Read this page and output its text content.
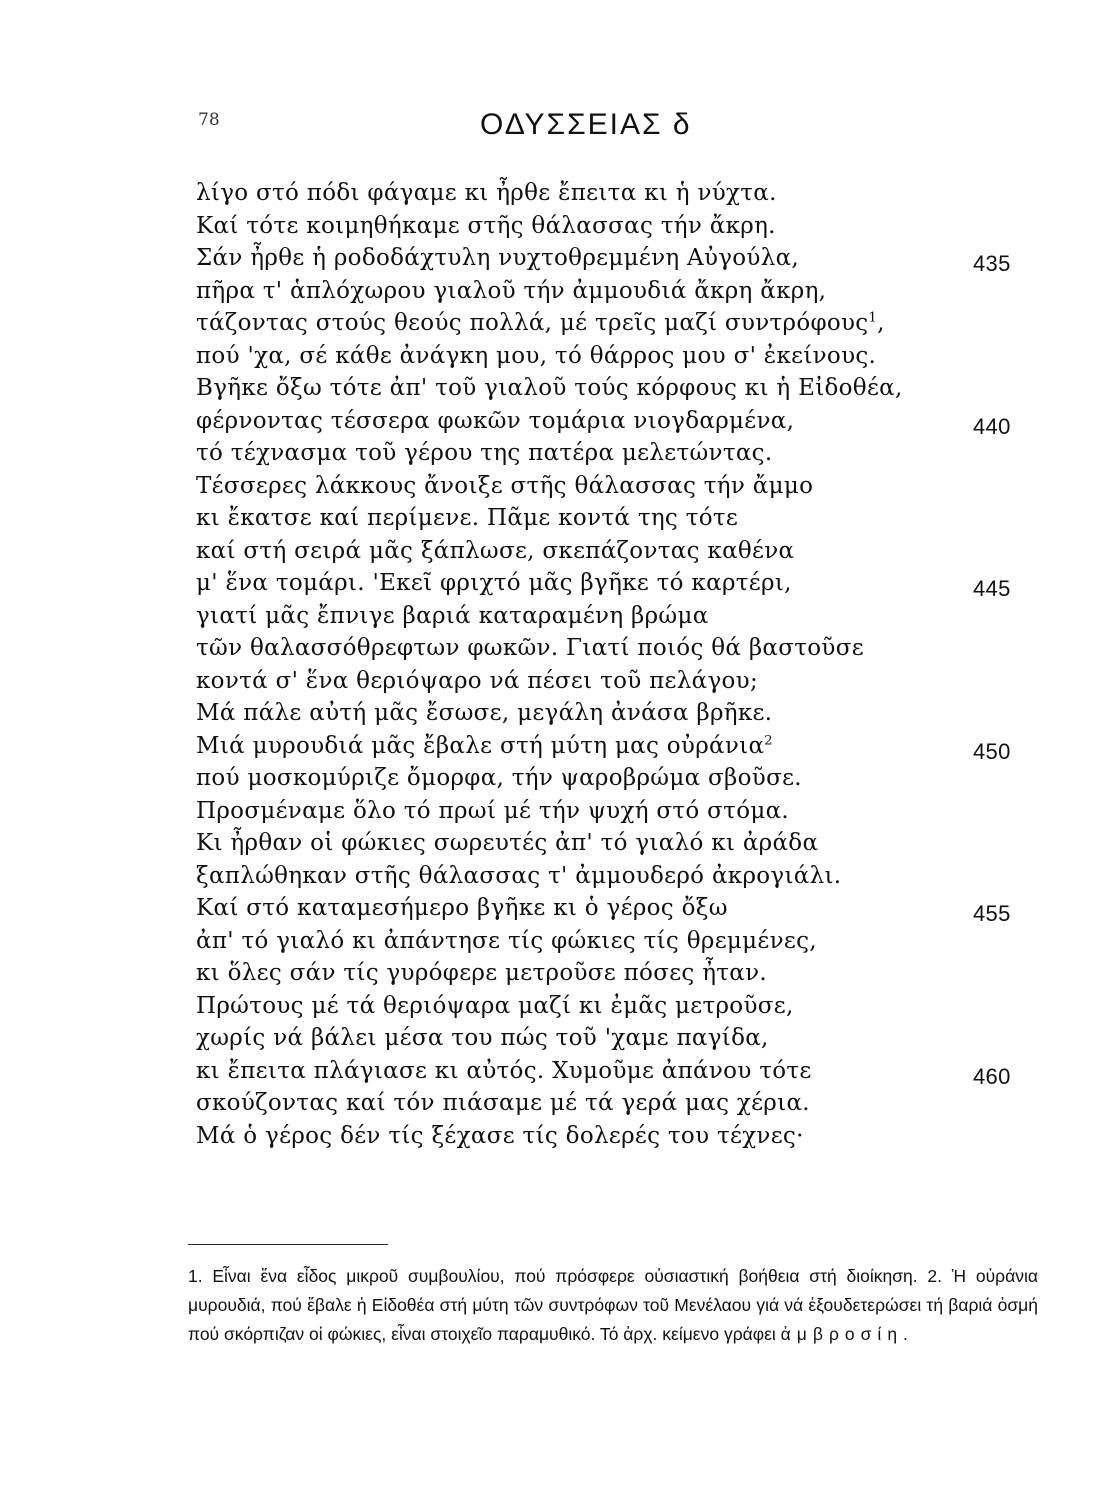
78	ΟΔΥΣΣΕΙΑΣ δ
λίγο στό πόδι φάγαμε κι ἦρθε ἔπειτα κι ἡ νύχτα.
Καί τότε κοιμηθήκαμε στῆς θάλασσας τήν ἄκρη.
Σάν ἦρθε ἡ ροδοδάχτυλη νυχτοθρεμμένη Αὐγούλα,	435
πῆρα τ' ἁπλόχωρου γιαλοῦ τήν ἀμμουδιά ἄκρη ἄκρη,
τάζοντας στούς θεούς πολλά, μέ τρεῖς μαζί συντρόφους$^1$,
πού 'χα, σέ κάθε ἀνάγκη μου, τό θάρρος μου σ' ἐκείνους.
Βγῆκε ὄξω τότε ἀπ' τοῦ γιαλοῦ τούς κόρφους κι ἡ Εἰδοθέα,
φέρνοντας τέσσερα φωκῶν τομάρια νιογδαρμένα,	440
τό τέχνασμα τοῦ γέρου της πατέρα μελετώντας.
Τέσσερες λάκκους ἄνοιξε στῆς θάλασσας τήν ἄμμο
κι ἔκατσε καί περίμενε. Πᾶμε κοντά της τότε
καί στή σειρά μᾶς ξάπλωσε, σκεπάζοντας καθένα
μ' ἕνα τομάρι. 'Εκεῖ φριχτό μᾶς βγῆκε τό καρτέρι,	445
γιατί μᾶς ἔπνιγε βαριά καταραμένη βρώμα
τῶν θαλασσόθρεφτων φωκῶν. Γιατί ποιός θά βαστοῦσε
κοντά σ' ἕνα θεριόψαρο νά πέσει τοῦ πελάγου;
Μά πάλε αὐτή μᾶς ἔσωσε, μεγάλη ἀνάσα βρῆκε.
Μιά μυρουδιά μᾶς ἔβαλε στή μύτη μας οὐράνια$^2$	450
πού μοσκομύριζε ὄμορφα, τήν ψαροβρώμα σβοῦσε.
Προσμέναμε ὅλο τό πρωί μέ τήν ψυχή στό στόμα.
Κι ἦρθαν οἱ φώκιες σωρευτές ἀπ' τό γιαλό κι ἀράδα
ξαπλώθηκαν στῆς θάλασσας τ' ἀμμουδερό ἀκρογιάλι.
Καί στό καταμεσήμερο βγῆκε κι ὁ γέρος ὄξω	455
ἀπ' τό γιαλό κι ἀπάντησε τίς φώκιες τίς θρεμμένες,
κι ὅλες σάν τίς γυρόφερε μετροῦσε πόσες ἦταν.
Πρώτους μέ τά θεριόψαρα μαζί κι ἐμᾶς μετροῦσε,
χωρίς νά βάλει μέσα του πώς τοῦ 'χαμε παγίδα,
κι ἔπειτα πλάγιασε κι αὐτός. Χυμοῦμε ἀπάνου τότε	460
σκούζοντας καί τόν πιάσαμε μέ τά γερά μας χέρια.
Μά ὁ γέρος δέν τίς ξέχασε τίς δολερές του τέχνες·
1. Εἶναι ἕνα εἶδος μικροῦ συμβουλίου, πού πρόσφερε οὐσιαστική βοήθεια στή διοίκηση. 2. Ἡ οὐράνια μυρουδιά, πού ἔβαλε ἡ Εἰδοθέα στή μύτη τῶν συντρόφων τοῦ Μενέλαου γιά νά ἐξουδετερώσει τή βαριά ὀσμή πού σκόρπιζαν οἱ φώκιες, εἶναι στοιχεῖο παραμυθικό. Τό ἀρχ. κείμενο γράφει ἀμβροσίη.
